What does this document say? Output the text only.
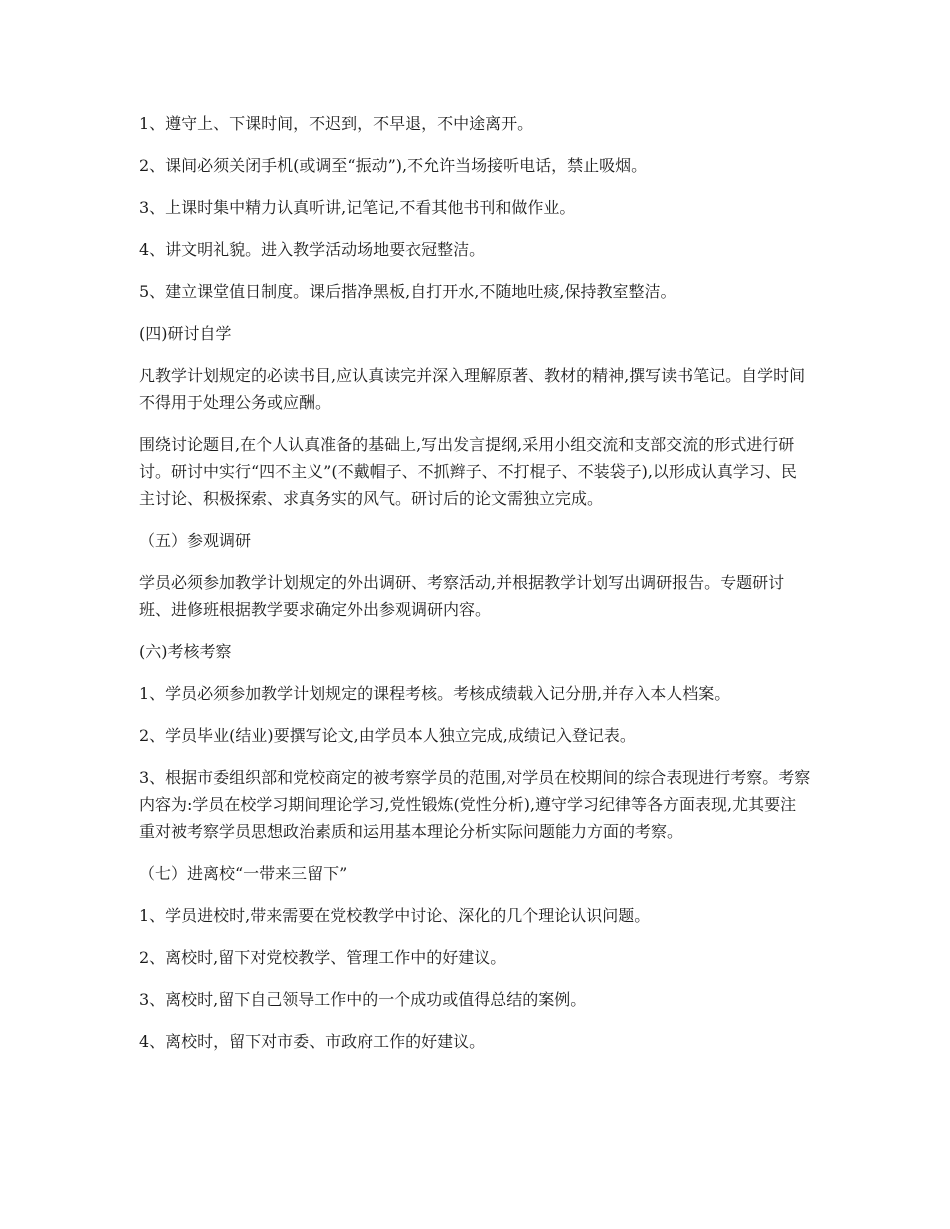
1、遵守上、下课时间，不迟到，不早退，不中途离开。

2、课间必须关闭手机(或调至“振动”),不允许当场接听电话，禁止吸烟。

3、上课时集中精力认真听讲,记笔记,不看其他书刊和做作业。

4、讲文明礼貌。进入教学活动场地要衣冠整洁。

5、建立课堂值日制度。课后揩净黑板,自打开水,不随地吐痰,保持教室整洁。

(四)研讨自学

凡教学计划规定的必读书目,应认真读完并深入理解原著、教材的精神,撰写读书笔记。自学时间不得用于处理公务或应酬。

围绕讨论题目,在个人认真准备的基础上,写出发言提纲,采用小组交流和支部交流的形式进行研讨。研讨中实行“四不主义”(不戴帽子、不抓辫子、不打棍子、不装袋子),以形成认真学习、民主讨论、积极探索、求真务实的风气。研讨后的论文需独立完成。

（五）参观调研

学员必须参加教学计划规定的外出调研、考察活动,并根据教学计划写出调研报告。专题研讨班、进修班根据教学要求确定外出参观调研内容。

(六)考核考察

1、学员必须参加教学计划规定的课程考核。考核成绩载入记分册,并存入本人档案。

2、学员毕业(结业)要撰写论文,由学员本人独立完成,成绩记入登记表。

3、根据市委组织部和党校商定的被考察学员的范围,对学员在校期间的综合表现进行考察。考察内容为:学员在校学习期间理论学习,党性锻炼(党性分析),遵守学习纪律等各方面表现,尤其要注重对被考察学员思想政治素质和运用基本理论分析实际问题能力方面的考察。

（七）进离校“一带来三留下”

1、学员进校时,带来需要在党校教学中讨论、深化的几个理论认识问题。

2、离校时,留下对党校教学、管理工作中的好建议。

3、离校时,留下自己领导工作中的一个成功或值得总结的案例。

4、离校时，留下对市委、市政府工作的好建议。
